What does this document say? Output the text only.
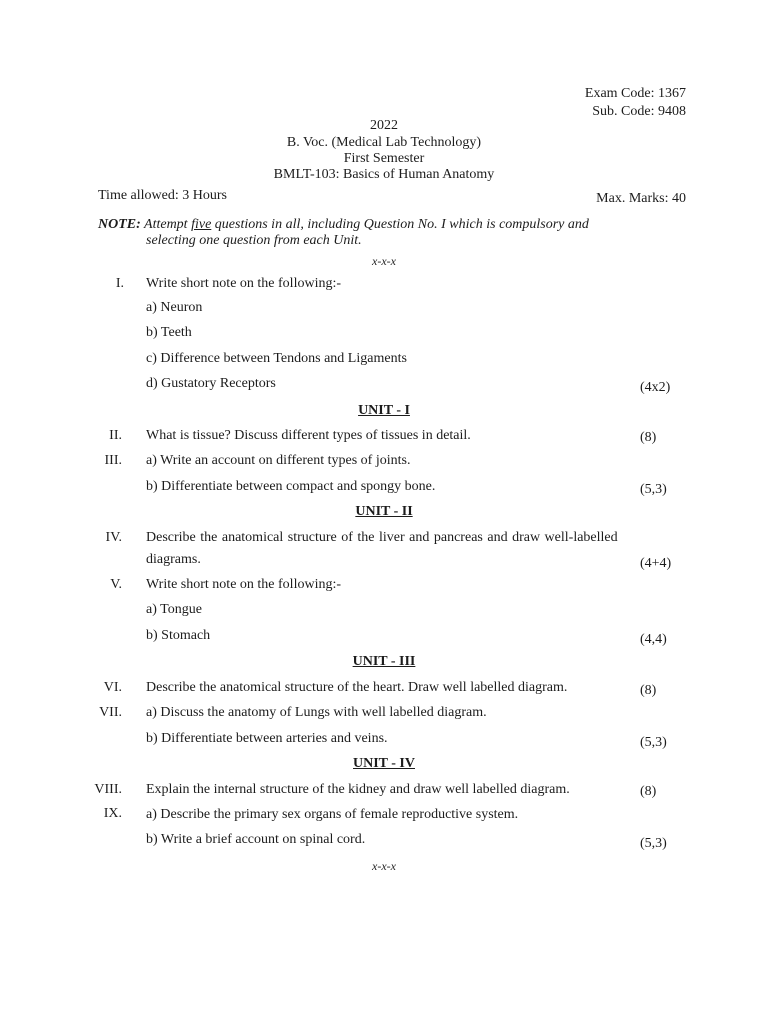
Exam Code: 1367
Sub. Code: 9408
2022
B. Voc. (Medical Lab Technology)
First Semester
BMLT-103: Basics of Human Anatomy
Time allowed: 3 Hours	Max. Marks: 40
NOTE: Attempt five questions in all, including Question No. I which is compulsory and
selecting one question from each Unit.
x-x-x
I. Write short note on the following:-
a) Neuron
b) Teeth
c) Difference between Tendons and Ligaments
d) Gustatory Receptors	(4x2)
UNIT - I
II. What is tissue? Discuss different types of tissues in detail.	(8)
III. a) Write an account on different types of joints.
b) Differentiate between compact and spongy bone.	(5,3)
UNIT - II
IV. Describe the anatomical structure of the liver and pancreas and draw well-labelled
diagrams.	(4+4)
V. Write short note on the following:-
a) Tongue
b) Stomach	(4,4)
UNIT - III
VI. Describe the anatomical structure of the heart. Draw well labelled diagram.	(8)
VII. a) Discuss the anatomy of Lungs with well labelled diagram.
b) Differentiate between arteries and veins.	(5,3)
UNIT - IV
VIII. Explain the internal structure of the kidney and draw well labelled diagram.	(8)
IX. a) Describe the primary sex organs of female reproductive system.
b) Write a brief account on spinal cord.	(5,3)
x-x-x
